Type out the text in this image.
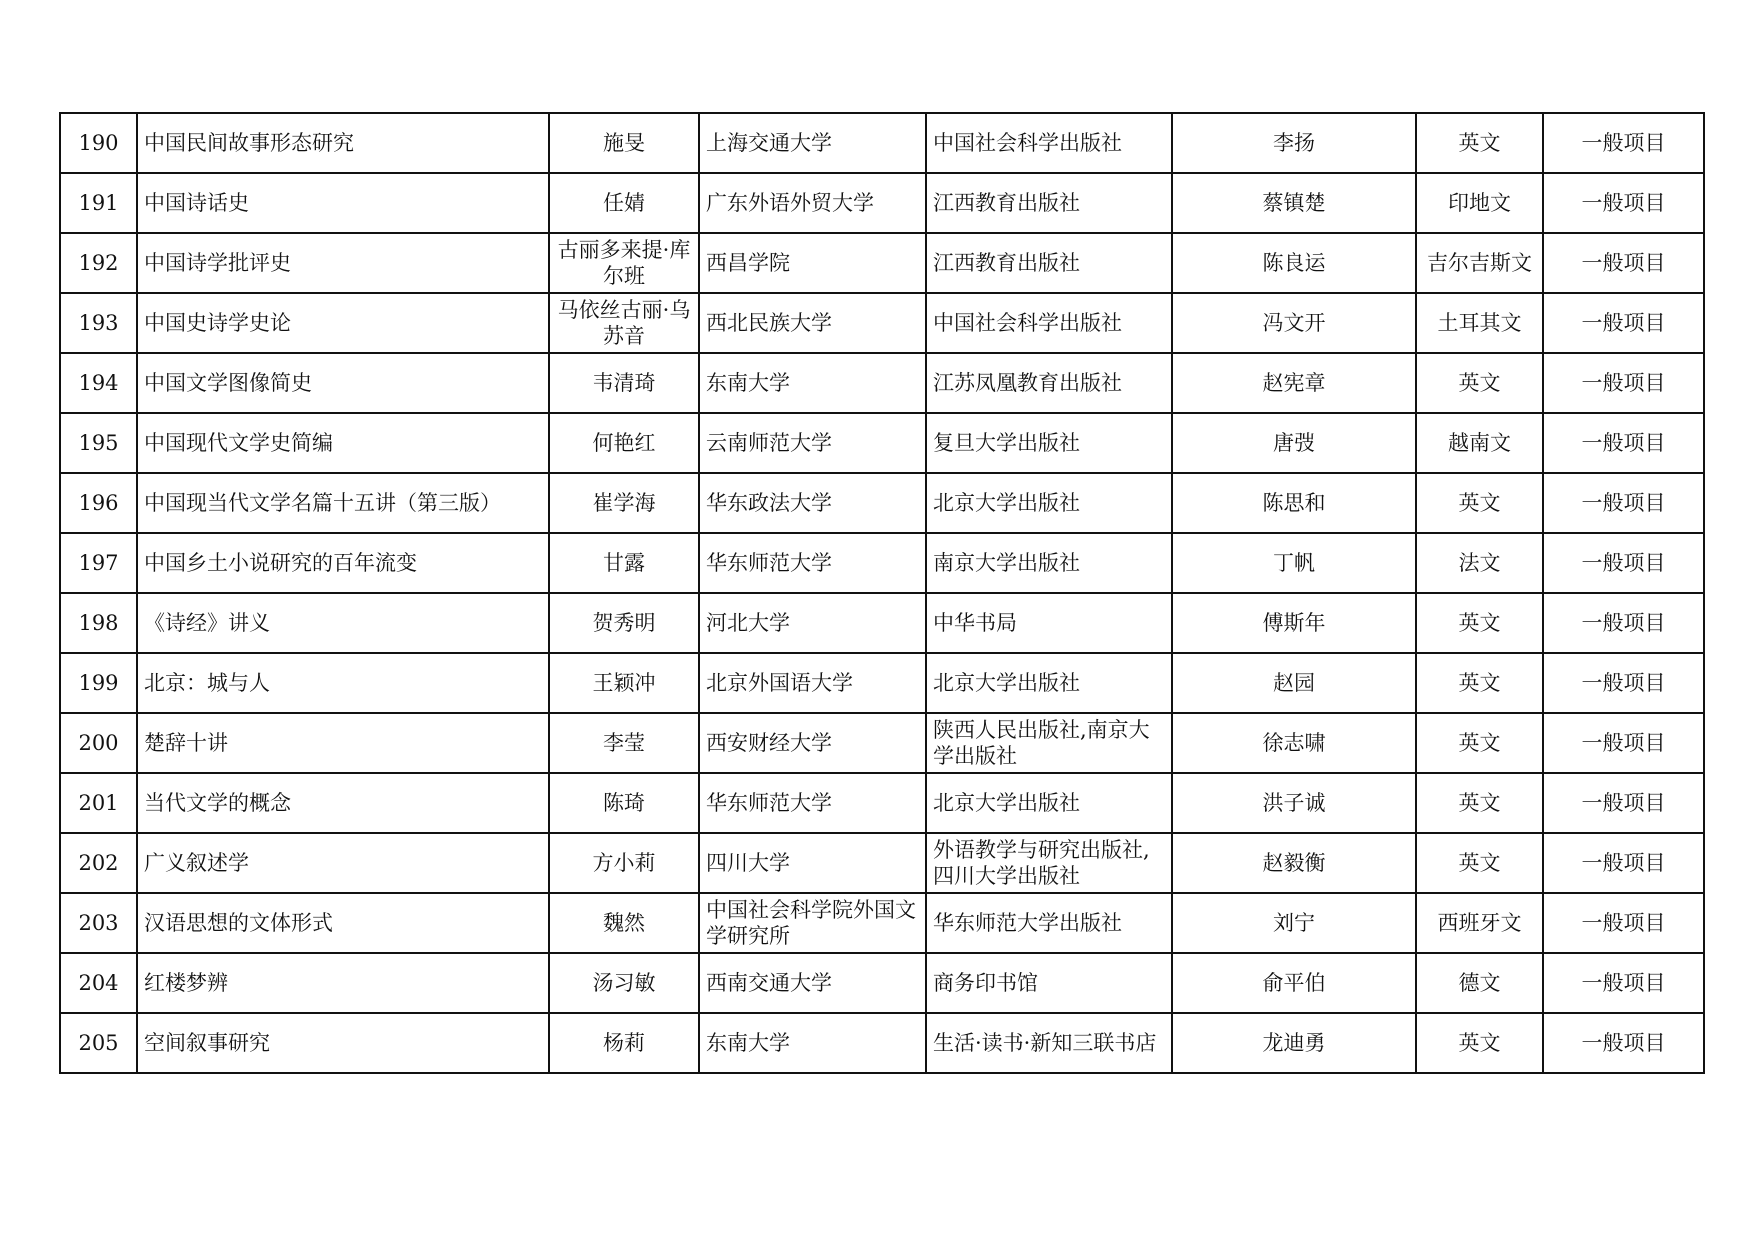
190	中国民间故事形态研究	施旻	上海交通大学	中国社会科学出版社	李扬	英文	一般项目
191	中国诗话史	任婧	广东外语外贸大学	江西教育出版社	蔡镇楚	印地文	一般项目
192	中国诗学批评史	古丽多来提·库尔班	西昌学院	江西教育出版社	陈良运	吉尔吉斯文	一般项目
193	中国史诗学史论	马依丝古丽·乌苏音	西北民族大学	中国社会科学出版社	冯文开	土耳其文	一般项目
194	中国文学图像简史	韦清琦	东南大学	江苏凤凰教育出版社	赵宪章	英文	一般项目
195	中国现代文学史简编	何艳红	云南师范大学	复旦大学出版社	唐弢	越南文	一般项目
196	中国现当代文学名篇十五讲（第三版）	崔学海	华东政法大学	北京大学出版社	陈思和	英文	一般项目
197	中国乡土小说研究的百年流变	甘露	华东师范大学	南京大学出版社	丁帆	法文	一般项目
198	《诗经》讲义	贺秀明	河北大学	中华书局	傅斯年	英文	一般项目
199	北京：城与人	王颖冲	北京外国语大学	北京大学出版社	赵园	英文	一般项目
200	楚辞十讲	李莹	西安财经大学	陕西人民出版社,南京大学出版社	徐志啸	英文	一般项目
201	当代文学的概念	陈琦	华东师范大学	北京大学出版社	洪子诚	英文	一般项目
202	广义叙述学	方小莉	四川大学	外语教学与研究出版社,四川大学出版社	赵毅衡	英文	一般项目
203	汉语思想的文体形式	魏然	中国社会科学院外国文学研究所	华东师范大学出版社	刘宁	西班牙文	一般项目
204	红楼梦辨	汤习敏	西南交通大学	商务印书馆	俞平伯	德文	一般项目
205	空间叙事研究	杨莉	东南大学	生活·读书·新知三联书店	龙迪勇	英文	一般项目
